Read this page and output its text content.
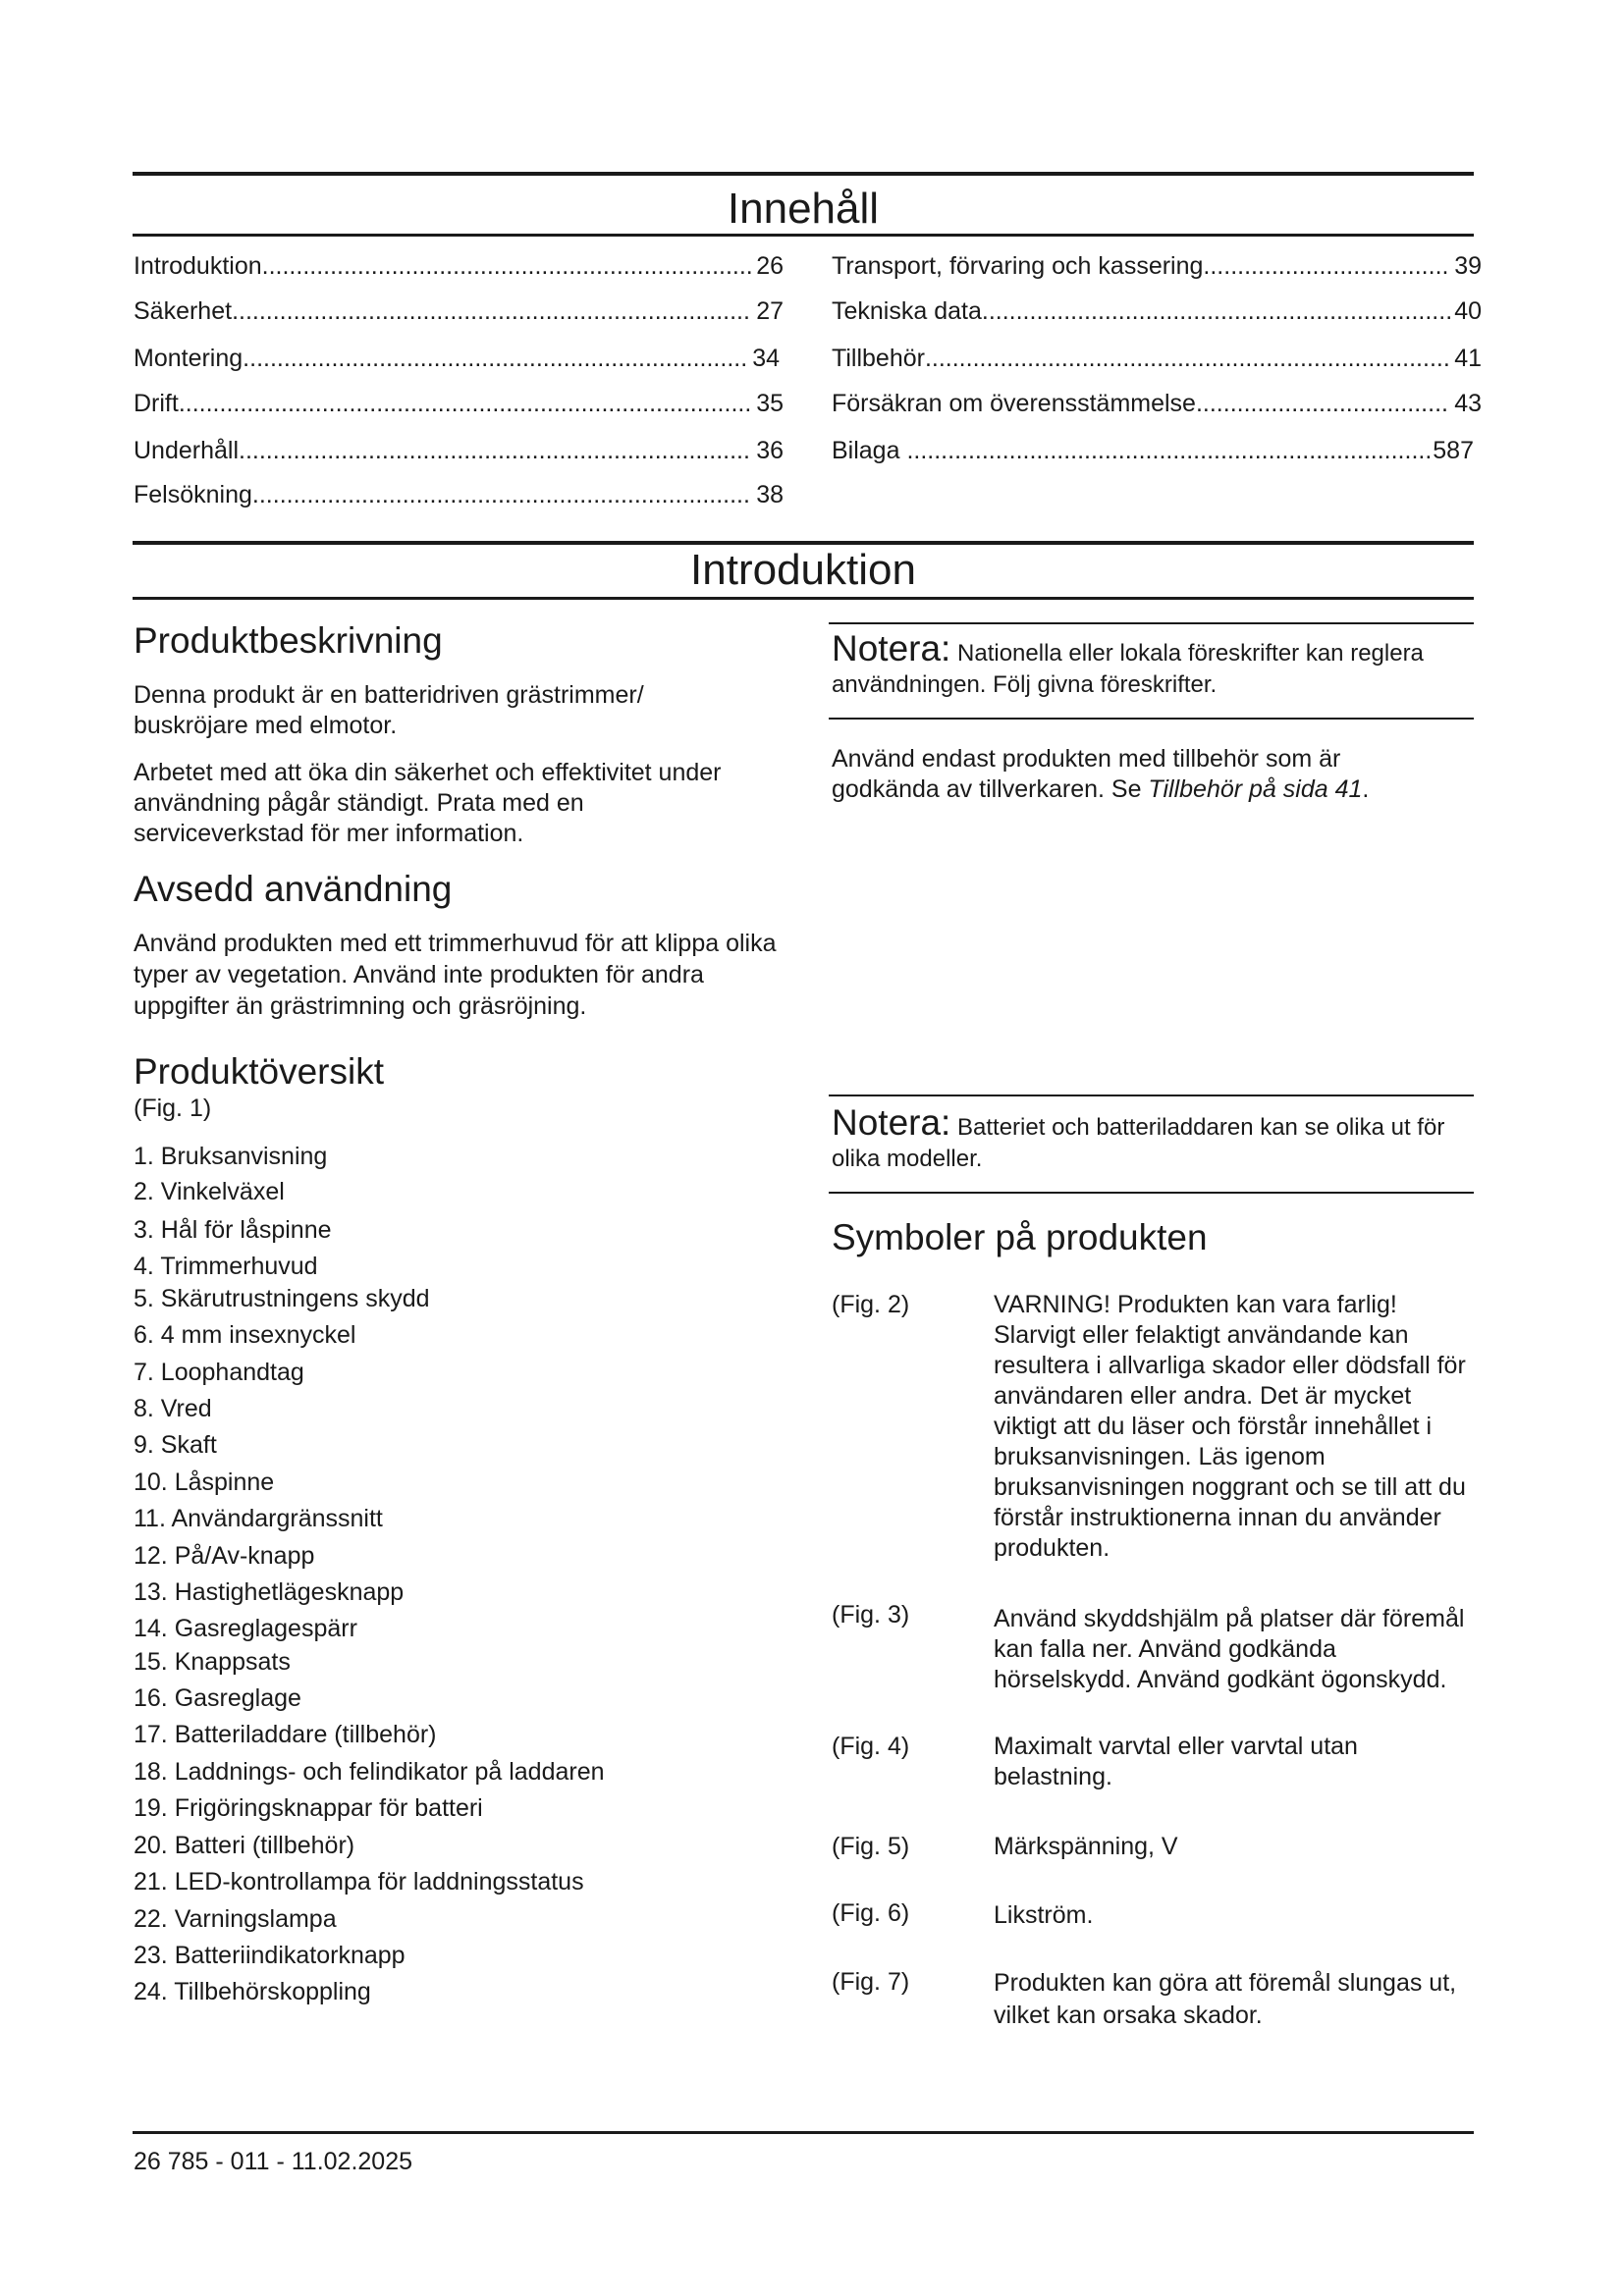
Innehåll
Introduktion .....	26
Säkerhet .....	27
Montering .....	34
Drift .....	35
Underhåll .....	36
Felsökning .....	38
Transport, förvaring och kassering .....	39
Tekniska data .....	40
Tillbehör .....	41
Försäkran om överensstämmelse .....	43
Bilaga .....	587
Introduktion
Produktbeskrivning
Denna produkt är en batteridriven grästrimmer/ buskröjare med elmotor.
Arbetet med att öka din säkerhet och effektivitet under användning pågår ständigt. Prata med en serviceverkstad för mer information.
Avsedd användning
Använd produkten med ett trimmerhuvud för att klippa olika typer av vegetation. Använd inte produkten för andra uppgifter än grästrimning och gräsröjning.
Produktöversikt
(Fig. 1)
1. Bruksanvisning
2. Vinkelväxel
3. Hål för låspinne
4. Trimmerhuvud
5. Skärutrustningens skydd
6. 4 mm insexnyckel
7. Loophandtag
8. Vred
9. Skaft
10. Låspinne
11. Användargränssnitt
12. På/Av-knapp
13. Hastighetlägesknapp
14. Gasreglagespärr
15. Knappsats
16. Gasreglage
17. Batteriladdare (tillbehör)
18. Laddnings- och felindikator på laddaren
19. Frigöringsknappar för batteri
20. Batteri (tillbehör)
21. LED-kontrollampa för laddningsstatus
22. Varningslampa
23. Batteriindikatorknapp
24. Tillbehörskoppling
Notera: Nationella eller lokala föreskrifter kan reglera användningen. Följ givna föreskrifter.
Använd endast produkten med tillbehör som är godkända av tillverkaren. Se Tillbehör på sida 41.
Notera: Batteriet och batteriladdaren kan se olika ut för olika modeller.
Symboler på produkten
(Fig. 2)	VARNING! Produkten kan vara farlig! Slarvigt eller felaktigt användande kan resultera i allvarliga skador eller dödsfall för användaren eller andra. Det är mycket viktigt att du läser och förstår innehållet i bruksanvisningen. Läs igenom bruksanvisningen noggrant och se till att du förstår instruktionerna innan du använder produkten.
(Fig. 3)	Använd skyddshjälm på platser där föremål kan falla ner. Använd godkända hörselskydd. Använd godkänt ögonskydd.
(Fig. 4)	Maximalt varvtal eller varvtal utan belastning.
(Fig. 5)	Märkspänning, V
(Fig. 6)	Likström.
(Fig. 7)	Produkten kan göra att föremål slungas ut, vilket kan orsaka skador.
26 785 - 011 - 11.02.2025
